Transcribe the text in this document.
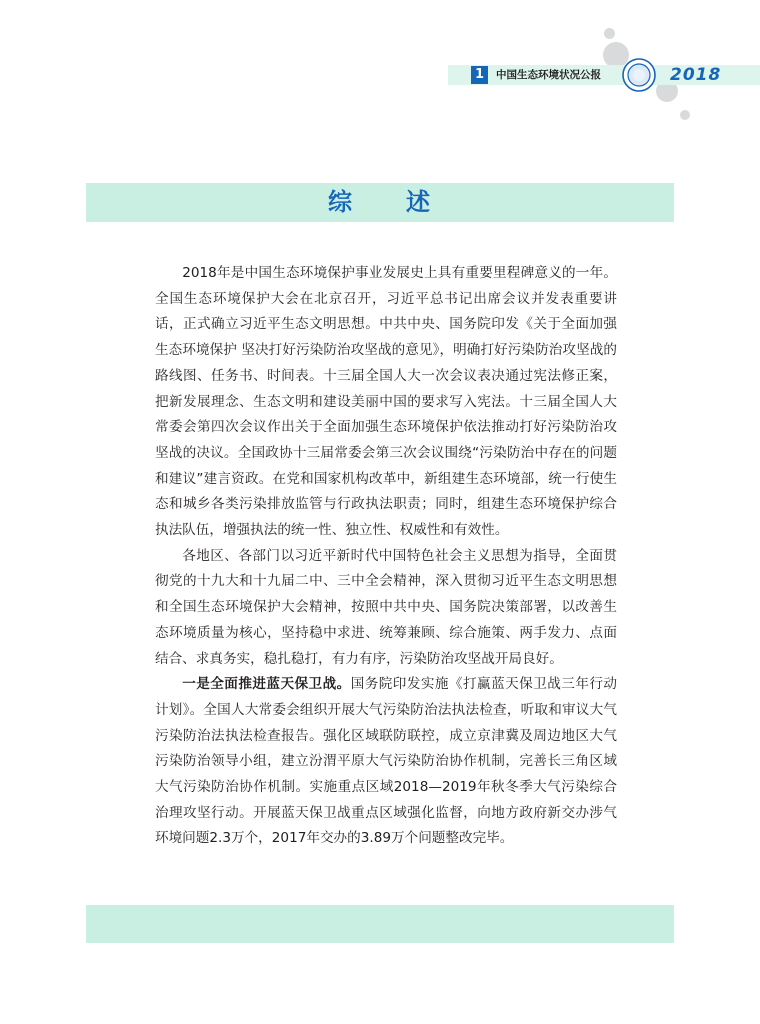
1	中国生态环境状况公报	2018
综　　述

2018年是中国生态环境保护事业发展史上具有重要里程碑意义的一年。全国生态环境保护大会在北京召开，习近平总书记出席会议并发表重要讲话，正式确立习近平生态文明思想。中共中央、国务院印发《关于全面加强生态环境保护 坚决打好污染防治攻坚战的意见》，明确打好污染防治攻坚战的路线图、任务书、时间表。十三届全国人大一次会议表决通过宪法修正案，把新发展理念、生态文明和建设美丽中国的要求写入宪法。十三届全国人大常委会第四次会议作出关于全面加强生态环境保护依法推动打好污染防治攻坚战的决议。全国政协十三届常委会第三次会议围绕“污染防治中存在的问题和建议”建言资政。在党和国家机构改革中，新组建生态环境部，统一行使生态和城乡各类污染排放监管与行政执法职责；同时，组建生态环境保护综合执法队伍，增强执法的统一性、独立性、权威性和有效性。

各地区、各部门以习近平新时代中国特色社会主义思想为指导，全面贯彻党的十九大和十九届二中、三中全会精神，深入贯彻习近平生态文明思想和全国生态环境保护大会精神，按照中共中央、国务院决策部署，以改善生态环境质量为核心，坚持稳中求进、统筹兼顾、综合施策、两手发力、点面结合、求真务实，稳扎稳打，有力有序，污染防治攻坚战开局良好。

一是全面推进蓝天保卫战。国务院印发实施《打赢蓝天保卫战三年行动计划》。全国人大常委会组织开展大气污染防治法执法检查，听取和审议大气污染防治法执法检查报告。强化区域联防联控，成立京津冀及周边地区大气污染防治领导小组，建立汾渭平原大气污染防治协作机制，完善长三角区域大气污染防治协作机制。实施重点区域2018—2019年秋冬季大气污染综合治理攻坚行动。开展蓝天保卫战重点区域强化监督，向地方政府新交办涉气环境问题2.3万个，2017年交办的3.89万个问题整改完毕。
